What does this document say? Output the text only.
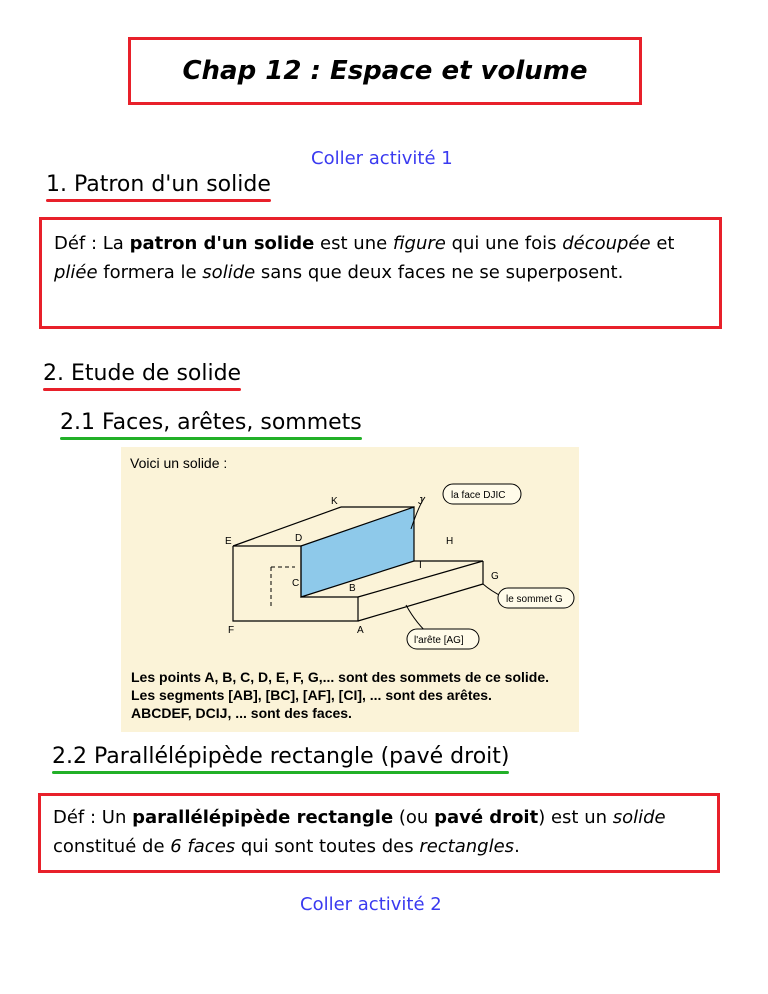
Chap 12 : Espace et volume
Coller activité 1
1. Patron d'un solide
Déf : La patron d'un solide est une figure qui une fois découpée et pliée formera le solide sans que deux faces ne se superposent.
2. Etude de solide
2.1 Faces, arêtes, sommets
Voici un solide :
K	J
E	D
I
H
C	B
G
F	A
la face DJIC
le sommet G
l'arête [AG]
Les points A, B, C, D, E, F, G,... sont des sommets de ce solide.
Les segments [AB], [BC], [AF], [CI], ... sont des arêtes.
ABCDEF, DCIJ, ... sont des faces.
2.2 Parallélépipède rectangle (pavé droit)
Déf : Un parallélépipède rectangle (ou pavé droit) est un solide constitué de 6 faces qui sont toutes des rectangles.
Coller activité 2
